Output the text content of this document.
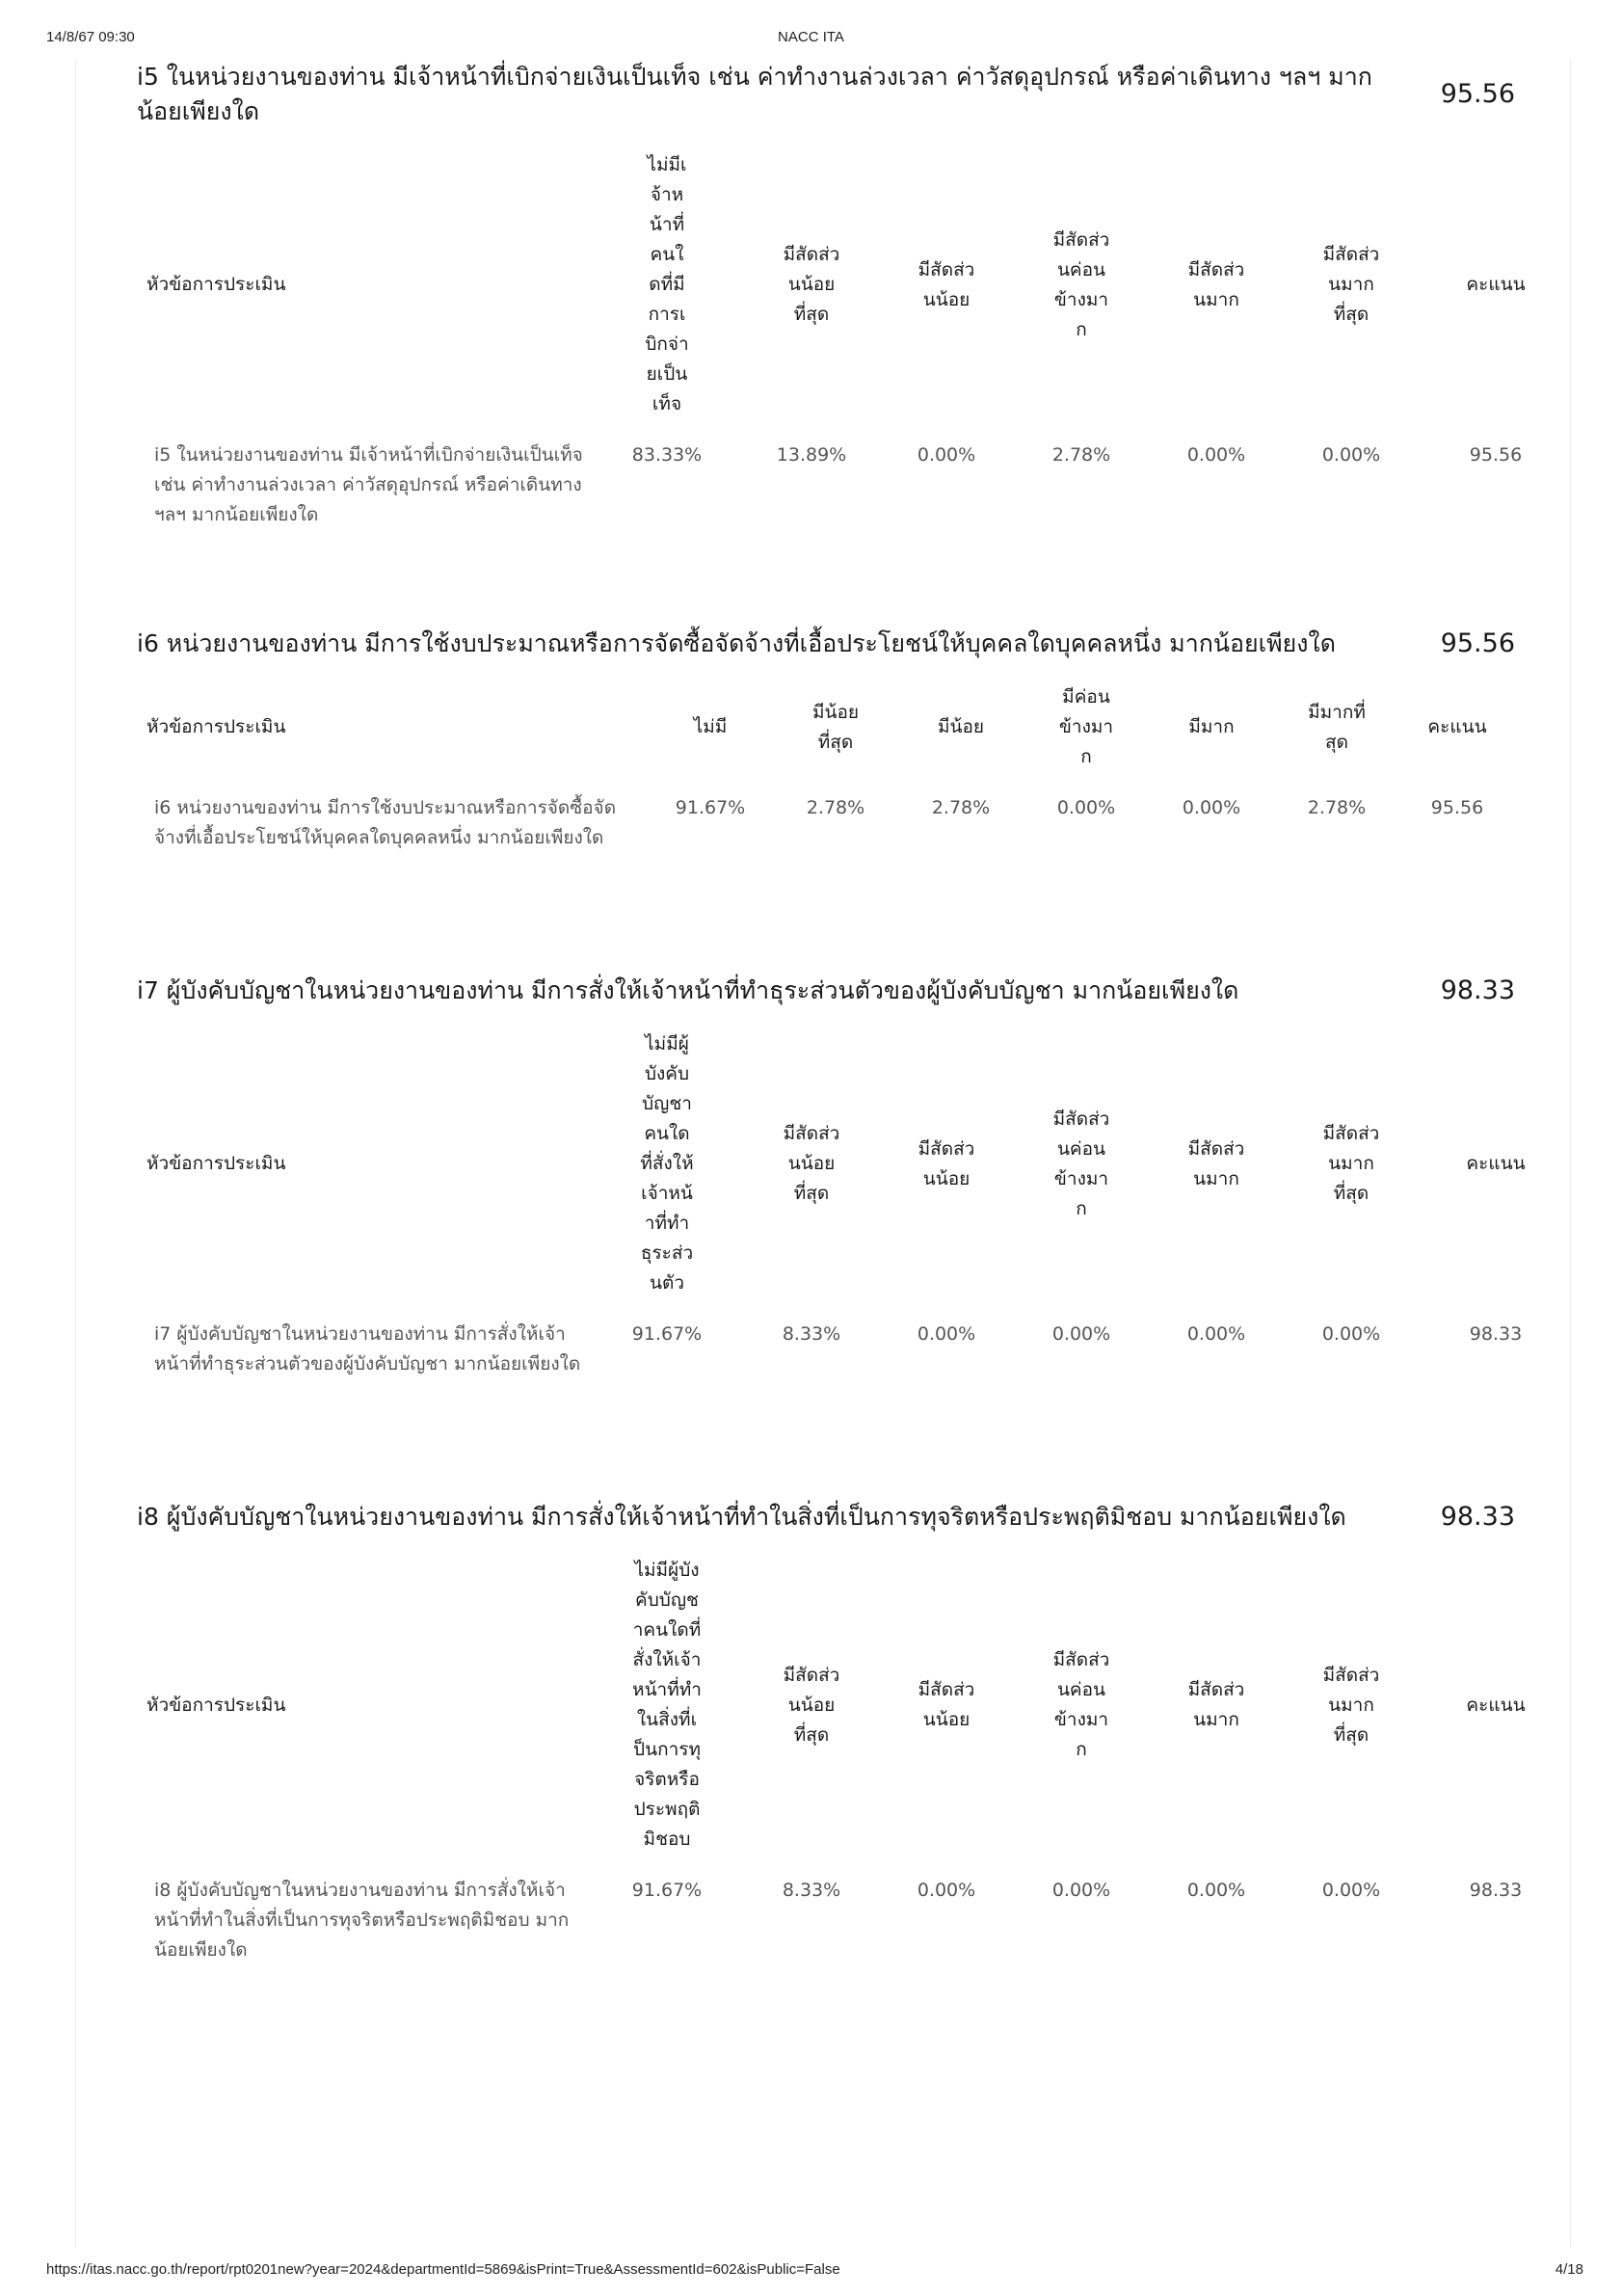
14/8/67 09:30	NACC ITA
i5 ในหน่วยงานของท่าน มีเจ้าหน้าที่เบิกจ่ายเงินเป็นเท็จ เช่น ค่าทำงานล่วงเวลา ค่าวัสดุอุปกรณ์ หรือค่าเดินทาง ฯลฯ มากน้อยเพียงใด
95.56
หัวข้อการประเมิน	ไม่มีเจ้าหน้าที่คนใดที่มีการเบิกจ่ายเป็นเท็จ	มีสัดส่วนน้อยที่สุด	มีสัดส่วนน้อย	มีสัดส่วนค่อนข้างมาก	มีสัดส่วนมาก	มีสัดส่วนมากที่สุด	คะแนน
i5 ในหน่วยงานของท่าน มีเจ้าหน้าที่เบิกจ่ายเงินเป็นเท็จ เช่น ค่าทำงานล่วงเวลา ค่าวัสดุอุปกรณ์ หรือค่าเดินทาง ฯลฯ มากน้อยเพียงใด	83.33%	13.89%	0.00%	2.78%	0.00%	0.00%	95.56
i6 หน่วยงานของท่าน มีการใช้งบประมาณหรือการจัดซื้อจัดจ้างที่เอื้อประโยชน์ให้บุคคลใดบุคคลหนึ่ง มากน้อยเพียงใด	95.56
หัวข้อการประเมิน	ไม่มี	มีน้อยที่สุด	มีน้อย	มีค่อนข้างมาก	มีมาก	มีมากที่สุด	คะแนน
i6 หน่วยงานของท่าน มีการใช้งบประมาณหรือการจัดซื้อจัดจ้างที่เอื้อประโยชน์ให้บุคคลใดบุคคลหนึ่ง มากน้อยเพียงใด	91.67%	2.78%	2.78%	0.00%	0.00%	2.78%	95.56
i7 ผู้บังคับบัญชาในหน่วยงานของท่าน มีการสั่งให้เจ้าหน้าที่ทำธุระส่วนตัวของผู้บังคับบัญชา มากน้อยเพียงใด	98.33
หัวข้อการประเมิน	ไม่มีผู้บังคับบัญชาคนใดที่สั่งให้เจ้าหน้าที่ทำธุระส่วนตัว	มีสัดส่วนน้อยที่สุด	มีสัดส่วนน้อย	มีสัดส่วนค่อนข้างมาก	มีสัดส่วนมาก	มีสัดส่วนมากที่สุด	คะแนน
i7 ผู้บังคับบัญชาในหน่วยงานของท่าน มีการสั่งให้เจ้าหน้าที่ทำธุระส่วนตัวของผู้บังคับบัญชา มากน้อยเพียงใด	91.67%	8.33%	0.00%	0.00%	0.00%	0.00%	98.33
i8 ผู้บังคับบัญชาในหน่วยงานของท่าน มีการสั่งให้เจ้าหน้าที่ทำในสิ่งที่เป็นการทุจริตหรือประพฤติมิชอบ มากน้อยเพียงใด	98.33
หัวข้อการประเมิน	ไม่มีผู้บังคับบัญชาคนใดที่สั่งให้เจ้าหน้าที่ทำในสิ่งที่เป็นการทุจริตหรือประพฤติมิชอบ	มีสัดส่วนน้อยที่สุด	มีสัดส่วนน้อย	มีสัดส่วนค่อนข้างมาก	มีสัดส่วนมาก	มีสัดส่วนมากที่สุด	คะแนน
i8 ผู้บังคับบัญชาในหน่วยงานของท่าน มีการสั่งให้เจ้าหน้าที่ทำในสิ่งที่เป็นการทุจริตหรือประพฤติมิชอบ มากน้อยเพียงใด	91.67%	8.33%	0.00%	0.00%	0.00%	0.00%	98.33
https://itas.nacc.go.th/report/rpt0201new?year=2024&departmentId=5869&isPrint=True&AssessmentId=602&isPublic=False	4/18
